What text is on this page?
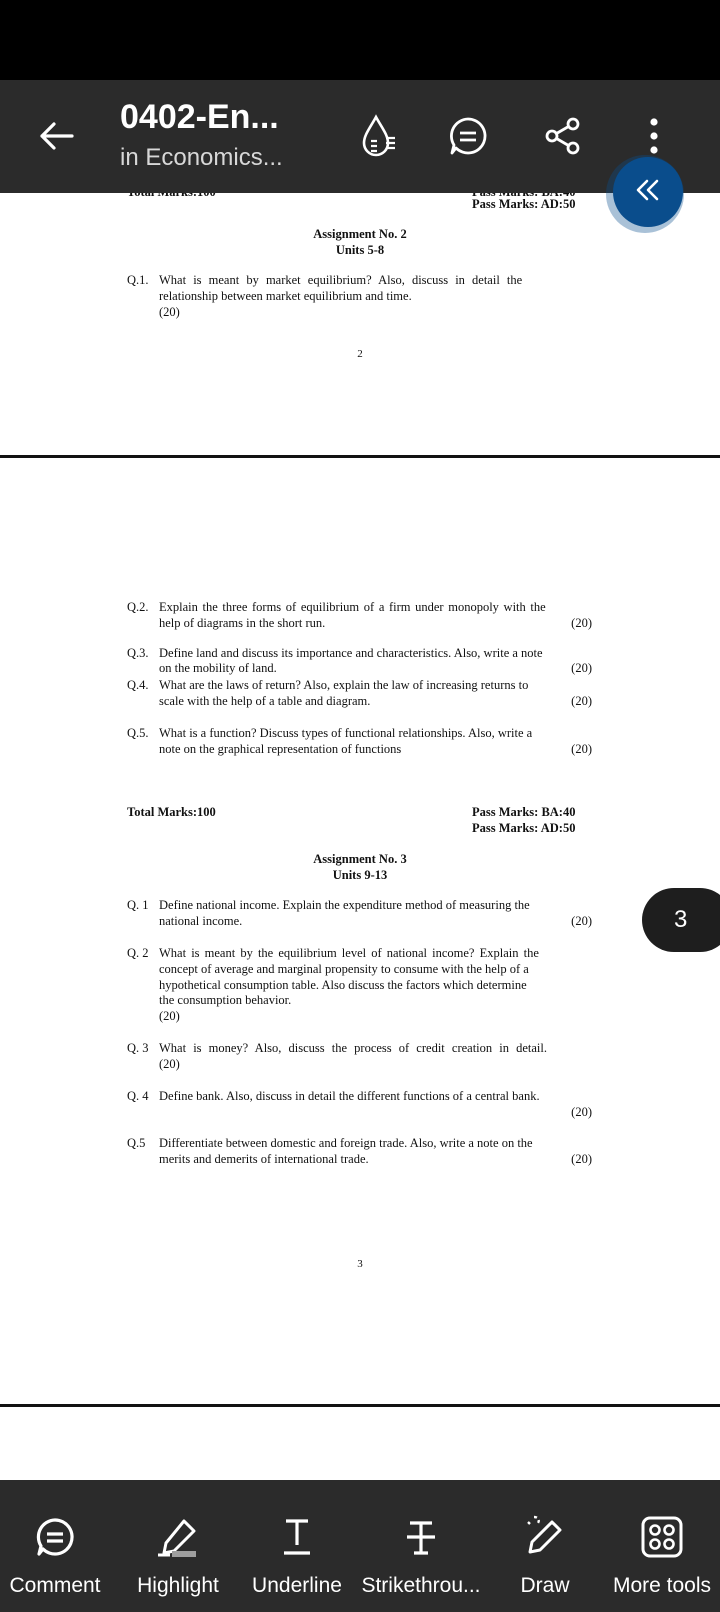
Pass Marks: AD:50
Assignment No. 2
Units 5-8
Q.1. What is meant by market equilibrium? Also, discuss in detail the
relationship between market equilibrium and time.
(20)
2
Q.2. Explain the three forms of equilibrium of a firm under monopoly with the
help of diagrams in the short run.	(20)
Q.3. Define land and discuss its importance and characteristics. Also, write a note
on the mobility of land.	(20)
Q.4. What are the laws of return? Also, explain the law of increasing returns to
scale with the help of a table and diagram.	(20)
Q.5. What is a function? Discuss types of functional relationships. Also, write a
note on the graphical representation of functions	(20)
Total Marks:100	Pass Marks: BA:40
Pass Marks: AD:50
Assignment No. 3
Units 9-13
Q. 1 Define national income. Explain the expenditure method of measuring the
national income.	(20)
Q. 2 What is meant by the equilibrium level of national income? Explain the
concept of average and marginal propensity to consume with the help of a
hypothetical consumption table. Also discuss the factors which determine
the consumption behavior.
(20)
Q. 3 What is money? Also, discuss the process of credit creation in detail.
(20)
Q. 4 Define bank. Also, discuss in detail the different functions of a central bank.
(20)
Q.5 Differentiate between domestic and foreign trade. Also, write a note on the
merits and demerits of international trade.	(20)
3
0402-En...
in Economics...
3
Comment Highlight Underline Strikethrou... Draw More tools
